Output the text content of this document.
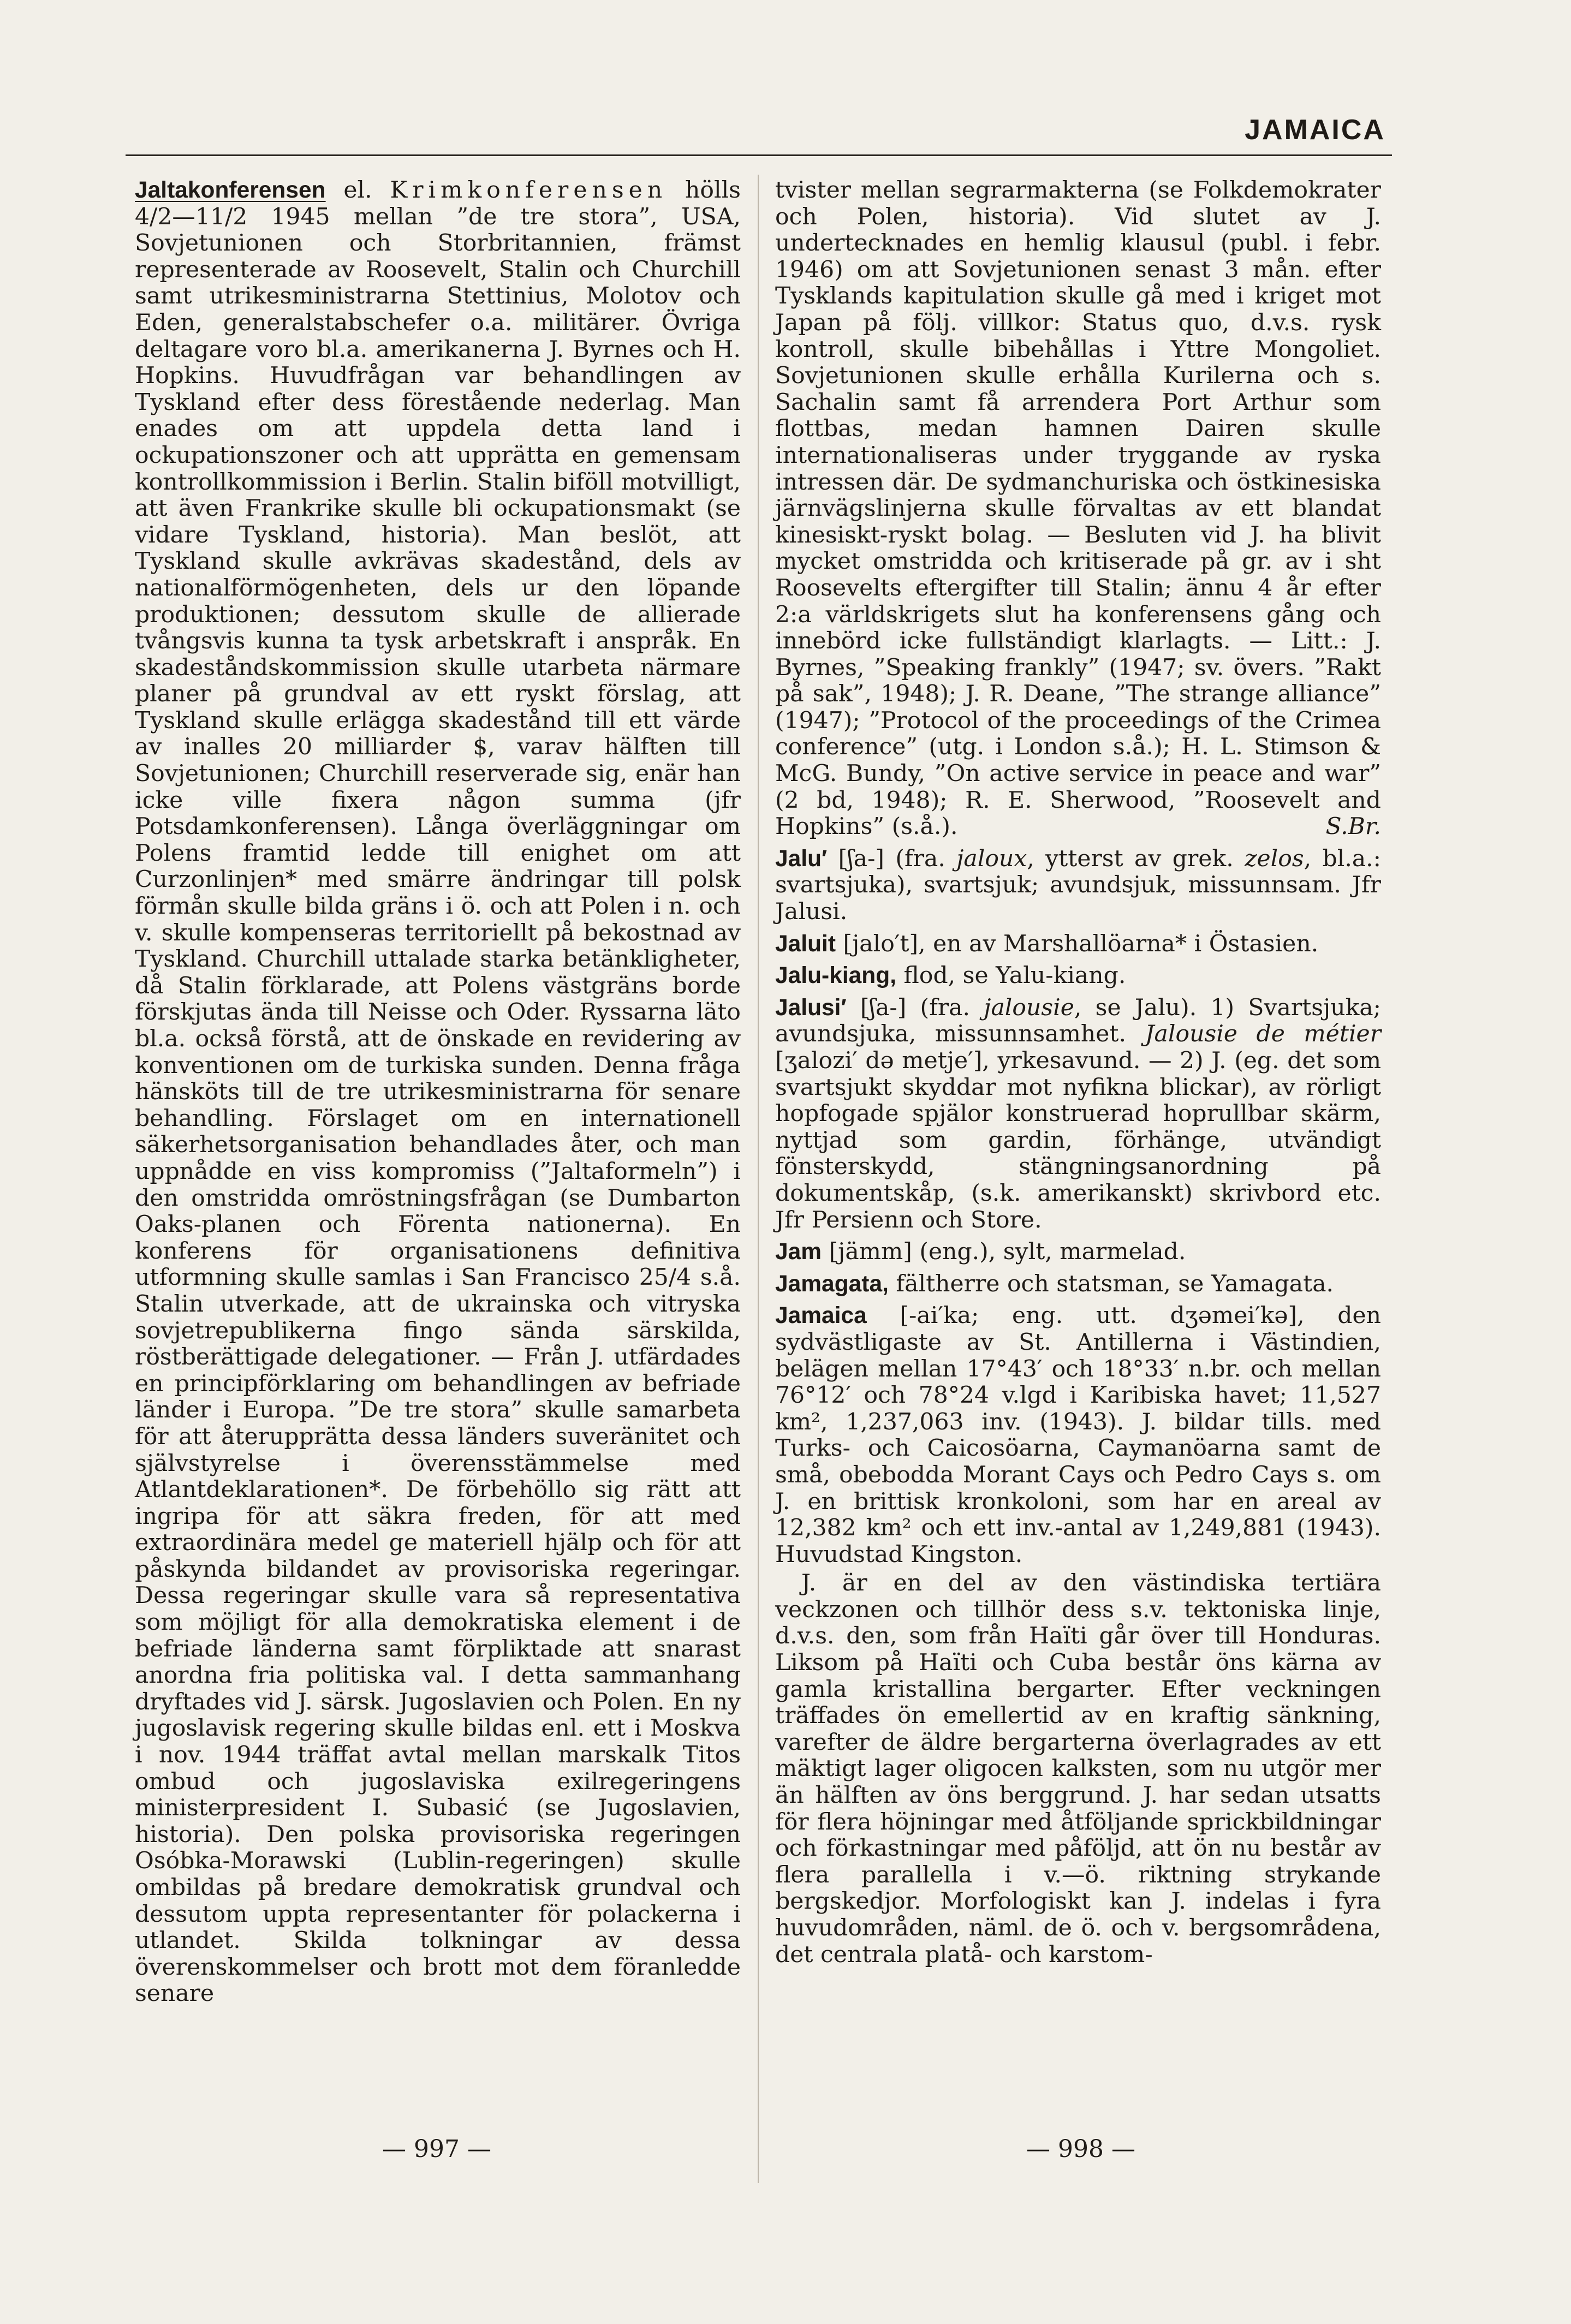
JAMAICA

Jaltakonferensen el. Krimkonferensen hölls 4/2—11/2 1945 mellan ”de tre stora”, USA, Sovjetunionen och Storbritannien, främst representerade av Roosevelt, Stalin och Churchill samt utrikesministrarna Stettinius, Molotov och Eden, generalstabschefer o.a. militärer. Övriga deltagare voro bl.a. amerikanerna J. Byrnes och H. Hopkins. Huvudfrågan var behandlingen av Tyskland efter dess förestående nederlag. Man enades om att uppdela detta land i ockupationszoner och att upprätta en gemensam kontrollkommission i Berlin. Stalin biföll motvilligt, att även Frankrike skulle bli ockupationsmakt (se vidare Tyskland, historia). Man beslöt, att Tyskland skulle avkrävas skadestånd, dels av nationalförmögenheten, dels ur den löpande produktionen; dessutom skulle de allierade tvångsvis kunna ta tysk arbetskraft i anspråk. En skadeståndskommission skulle utarbeta närmare planer på grundval av ett ryskt förslag, att Tyskland skulle erlägga skadestånd till ett värde av inalles 20 milliarder $, varav hälften till Sovjetunionen; Churchill reserverade sig, enär han icke ville fixera någon summa (jfr Potsdamkonferensen). Långa överläggningar om Polens framtid ledde till enighet om att Curzonlinjen* med smärre ändringar till polsk förmån skulle bilda gräns i ö. och att Polen i n. och v. skulle kompenseras territoriellt på bekostnad av Tyskland. Churchill uttalade starka betänkligheter, då Stalin förklarade, att Polens västgräns borde förskjutas ända till Neisse och Oder. Ryssarna läto bl.a. också förstå, att de önskade en revidering av konventionen om de turkiska sunden. Denna fråga hänsköts till de tre utrikesministrarna för senare behandling. Förslaget om en internationell säkerhetsorganisation behandlades åter, och man uppnådde en viss kompromiss (”Jaltaformeln”) i den omstridda omröstningsfrågan (se Dumbarton Oaks-planen och Förenta nationerna). En konferens för organisationens definitiva utformning skulle samlas i San Francisco 25/4 s.å. Stalin utverkade, att de ukrainska och vitryska sovjetrepublikerna fingo sända särskilda, röstberättigade delegationer. — Från J. utfärdades en principförklaring om behandlingen av befriade länder i Europa. ”De tre stora” skulle samarbeta för att återupprätta dessa länders suveränitet och självstyrelse i överensstämmelse med Atlantdeklarationen*. De förbehöllo sig rätt att ingripa för att säkra freden, för att med extraordinära medel ge materiell hjälp och för att påskynda bildandet av provisoriska regeringar. Dessa regeringar skulle vara så representativa som möjligt för alla demokratiska element i de befriade länderna samt förpliktade att snarast anordna fria politiska val. I detta sammanhang dryftades vid J. särsk. Jugoslavien och Polen. En ny jugoslavisk regering skulle bildas enl. ett i Moskva i nov. 1944 träffat avtal mellan marskalk Titos ombud och jugoslaviska exilregeringens ministerpresident I. Subasić (se Jugoslavien, historia). Den polska provisoriska regeringen Osóbka-Morawski (Lublin-regeringen) skulle ombildas på bredare demokratisk grundval och dessutom uppta representanter för polackerna i utlandet. Skilda tolkningar av dessa överenskommelser och brott mot dem föranledde senare

tvister mellan segrarmakterna (se Folkdemokrater och Polen, historia). Vid slutet av J. undertecknades en hemlig klausul (publ. i febr. 1946) om att Sovjetunionen senast 3 mån. efter Tysklands kapitulation skulle gå med i kriget mot Japan på följ. villkor: Status quo, d.v.s. rysk kontroll, skulle bibehållas i Yttre Mongoliet. Sovjetunionen skulle erhålla Kurilerna och s. Sachalin samt få arrendera Port Arthur som flottbas, medan hamnen Dairen skulle internationaliseras under tryggande av ryska intressen där. De sydmanchuriska och östkinesiska järnvägslinjerna skulle förvaltas av ett blandat kinesiskt-ryskt bolag. — Besluten vid J. ha blivit mycket omstridda och kritiserade på gr. av i sht Roosevelts eftergifter till Stalin; ännu 4 år efter 2:a världskrigets slut ha konferensens gång och innebörd icke fullständigt klarlagts. — Litt.: J. Byrnes, ”Speaking frankly” (1947; sv. övers. ”Rakt på sak”, 1948); J. R. Deane, ”The strange alliance” (1947); ”Protocol of the proceedings of the Crimea conference” (utg. i London s.å.); H. L. Stimson & McG. Bundy, ”On active service in peace and war” (2 bd, 1948); R. E. Sherwood, ”Roosevelt and Hopkins” (s.å.).	S.Br.

Jalu′ [ʃa-] (fra. jaloux, ytterst av grek. zelos, bl.a.: svartsjuka), svartsjuk; avundsjuk, missunnsam. Jfr Jalusi.

Jaluit [jalo′t], en av Marshallöarna* i Östasien.

Jalu-kiang, flod, se Yalu-kiang.

Jalusi′ [ʃa-] (fra. jalousie, se Jalu). 1) Svartsjuka; avundsjuka, missunnsamhet. Jalousie de métier [ʒalozi′ də metje′], yrkesavund. — 2) J. (eg. det som svartsjukt skyddar mot nyfikna blickar), av rörligt hopfogade spjälor konstruerad hoprullbar skärm, nyttjad som gardin, förhänge, utvändigt fönsterskydd, stängningsanordning på dokumentskåp, (s.k. amerikanskt) skrivbord etc. Jfr Persienn och Store.

Jam [jämm] (eng.), sylt, marmelad.

Jamagata, fältherre och statsman, se Yamagata.

Jamaica [-ai′ka; eng. utt. dʒəmei′kə], den sydvästligaste av St. Antillerna i Västindien, belägen mellan 17°43′ och 18°33′ n.br. och mellan 76°12′ och 78°24 v.lgd i Karibiska havet; 11,527 km², 1,237,063 inv. (1943). J. bildar tills. med Turks- och Caicosöarna, Caymanöarna samt de små, obebodda Morant Cays och Pedro Cays s. om J. en brittisk kronkoloni, som har en areal av 12,382 km² och ett inv.-antal av 1,249,881 (1943). Huvudstad Kingston.

J. är en del av den västindiska tertiära veckzonen och tillhör dess s.v. tektoniska linje, d.v.s. den, som från Haïti går över till Honduras. Liksom på Haïti och Cuba består öns kärna av gamla kristallina bergarter. Efter veckningen träffades ön emellertid av en kraftig sänkning, varefter de äldre bergarterna överlagrades av ett mäktigt lager oligocen kalksten, som nu utgör mer än hälften av öns berggrund. J. har sedan utsatts för flera höjningar med åtföljande sprickbildningar och förkastningar med påföljd, att ön nu består av flera parallella i v.—ö. riktning strykande bergskedjor. Morfologiskt kan J. indelas i fyra huvudområden, näml. de ö. och v. bergsområdena, det centrala platå- och karstom-

— 997 —	— 998 —
